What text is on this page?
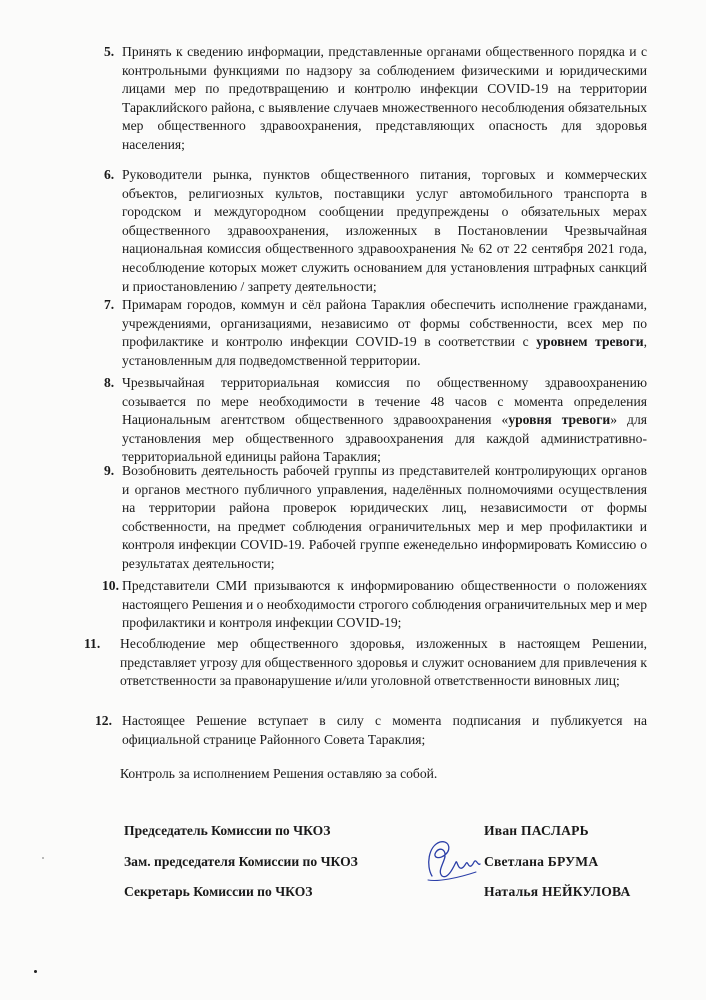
5. Принять к сведению информации, представленные органами общественного порядка и с контрольными функциями по надзору за соблюдением физическими и юридическими лицами мер по предотвращению и контролю инфекции COVID-19 на территории Тараклийского района, с выявление случаев множественного несоблюдения обязательных мер общественного здравоохранения, представляющих опасность для здоровья населения;
6. Руководители рынка, пунктов общественного питания, торговых и коммерческих объектов, религиозных культов, поставщики услуг автомобильного транспорта в городском и междугородном сообщении предупреждены о обязательных мерах общественного здравоохранения, изложенных в Постановлении Чрезвычайная национальная комиссия общественного здравоохранения № 62 от 22 сентября 2021 года, несоблюдение которых может служить основанием для установления штрафных санкций и приостановлению / запрету деятельности;
7. Примарам городов, коммун и сёл района Тараклия обеспечить исполнение гражданами, учреждениями, организациями, независимо от формы собственности, всех мер по профилактике и контролю инфекции COVID-19 в соответствии с уровнем тревоги, установленным для подведомственной территории.
8. Чрезвычайная территориальная комиссия по общественному здравоохранению созывается по мере необходимости в течение 48 часов с момента определения Национальным агентством общественного здравоохранения «уровня тревоги» для установления мер общественного здравоохранения для каждой административно-территориальной единицы района Тараклия;
9. Возобновить деятельность рабочей группы из представителей контролирующих органов и органов местного публичного управления, наделённых полномочиями осуществления на территории района проверок юридических лиц, независимости от формы собственности, на предмет соблюдения ограничительных мер и мер профилактики и контроля инфекции COVID-19. Рабочей группе еженедельно информировать Комиссию о результатах деятельности;
10. Представители СМИ призываются к информированию общественности о положениях настоящего Решения и о необходимости строгого соблюдения ограничительных мер и мер профилактики и контроля инфекции COVID-19;
11. Несоблюдение мер общественного здоровья, изложенных в настоящем Решении, представляет угрозу для общественного здоровья и служит основанием для привлечения к ответственности за правонарушение и/или уголовной ответственности виновных лиц;
12. Настоящее Решение вступает в силу с момента подписания и публикуется на официальной странице Районного Совета Тараклия;
Контроль за исполнением Решения оставляю за собой.
Председатель Комиссии по ЧКОЗ	Иван ПАСЛАРЬ
Зам. председателя Комиссии по ЧКОЗ	Светлана БРУМА
Секретарь Комиссии по ЧКОЗ	Наталья НЕЙКУЛОВА
